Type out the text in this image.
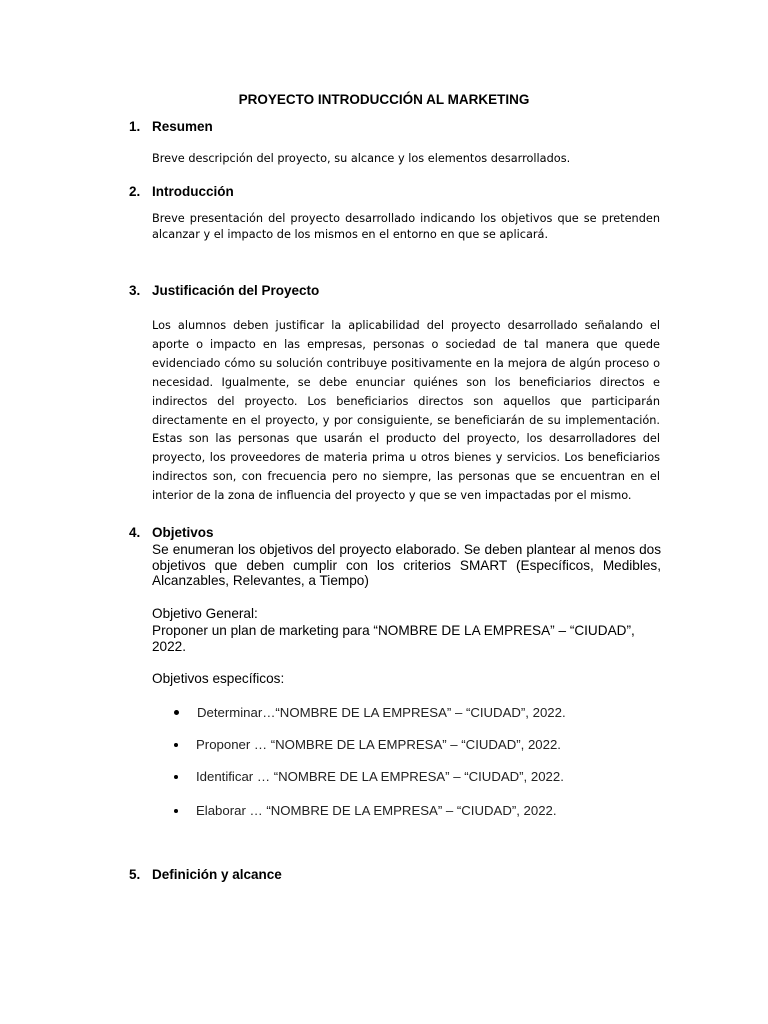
PROYECTO INTRODUCCIÓN AL MARKETING
1. Resumen
Breve descripción del proyecto, su alcance y los elementos desarrollados.
2. Introducción
Breve presentación del proyecto desarrollado indicando los objetivos que se pretenden alcanzar y el impacto de los mismos en el entorno en que se aplicará.
3. Justificación del Proyecto
Los alumnos deben justificar la aplicabilidad del proyecto desarrollado señalando el aporte o impacto en las empresas, personas o sociedad de tal manera que quede evidenciado cómo su solución contribuye positivamente en la mejora de algún proceso o necesidad. Igualmente, se debe enunciar quiénes son los beneficiarios directos e indirectos del proyecto. Los beneficiarios directos son aquellos que participarán directamente en el proyecto, y por consiguiente, se beneficiarán de su implementación. Estas son las personas que usarán el producto del proyecto, los desarrolladores del proyecto, los proveedores de materia prima u otros bienes y servicios. Los beneficiarios indirectos son, con frecuencia pero no siempre, las personas que se encuentran en el interior de la zona de influencia del proyecto y que se ven impactadas por el mismo.
4. Objetivos
Se enumeran los objetivos del proyecto elaborado. Se deben plantear al menos dos objetivos que deben cumplir con los criterios SMART (Específicos, Medibles, Alcanzables, Relevantes, a Tiempo)
Objetivo General:
Proponer un plan de marketing para “NOMBRE DE LA EMPRESA” – “CIUDAD”, 2022.
Objetivos específicos:
Determinar…“NOMBRE DE LA EMPRESA” – “CIUDAD”, 2022.
Proponer … “NOMBRE DE LA EMPRESA” – “CIUDAD”, 2022.
Identificar … “NOMBRE DE LA EMPRESA” – “CIUDAD”, 2022.
Elaborar … “NOMBRE DE LA EMPRESA” – “CIUDAD”, 2022.
5. Definición y alcance
